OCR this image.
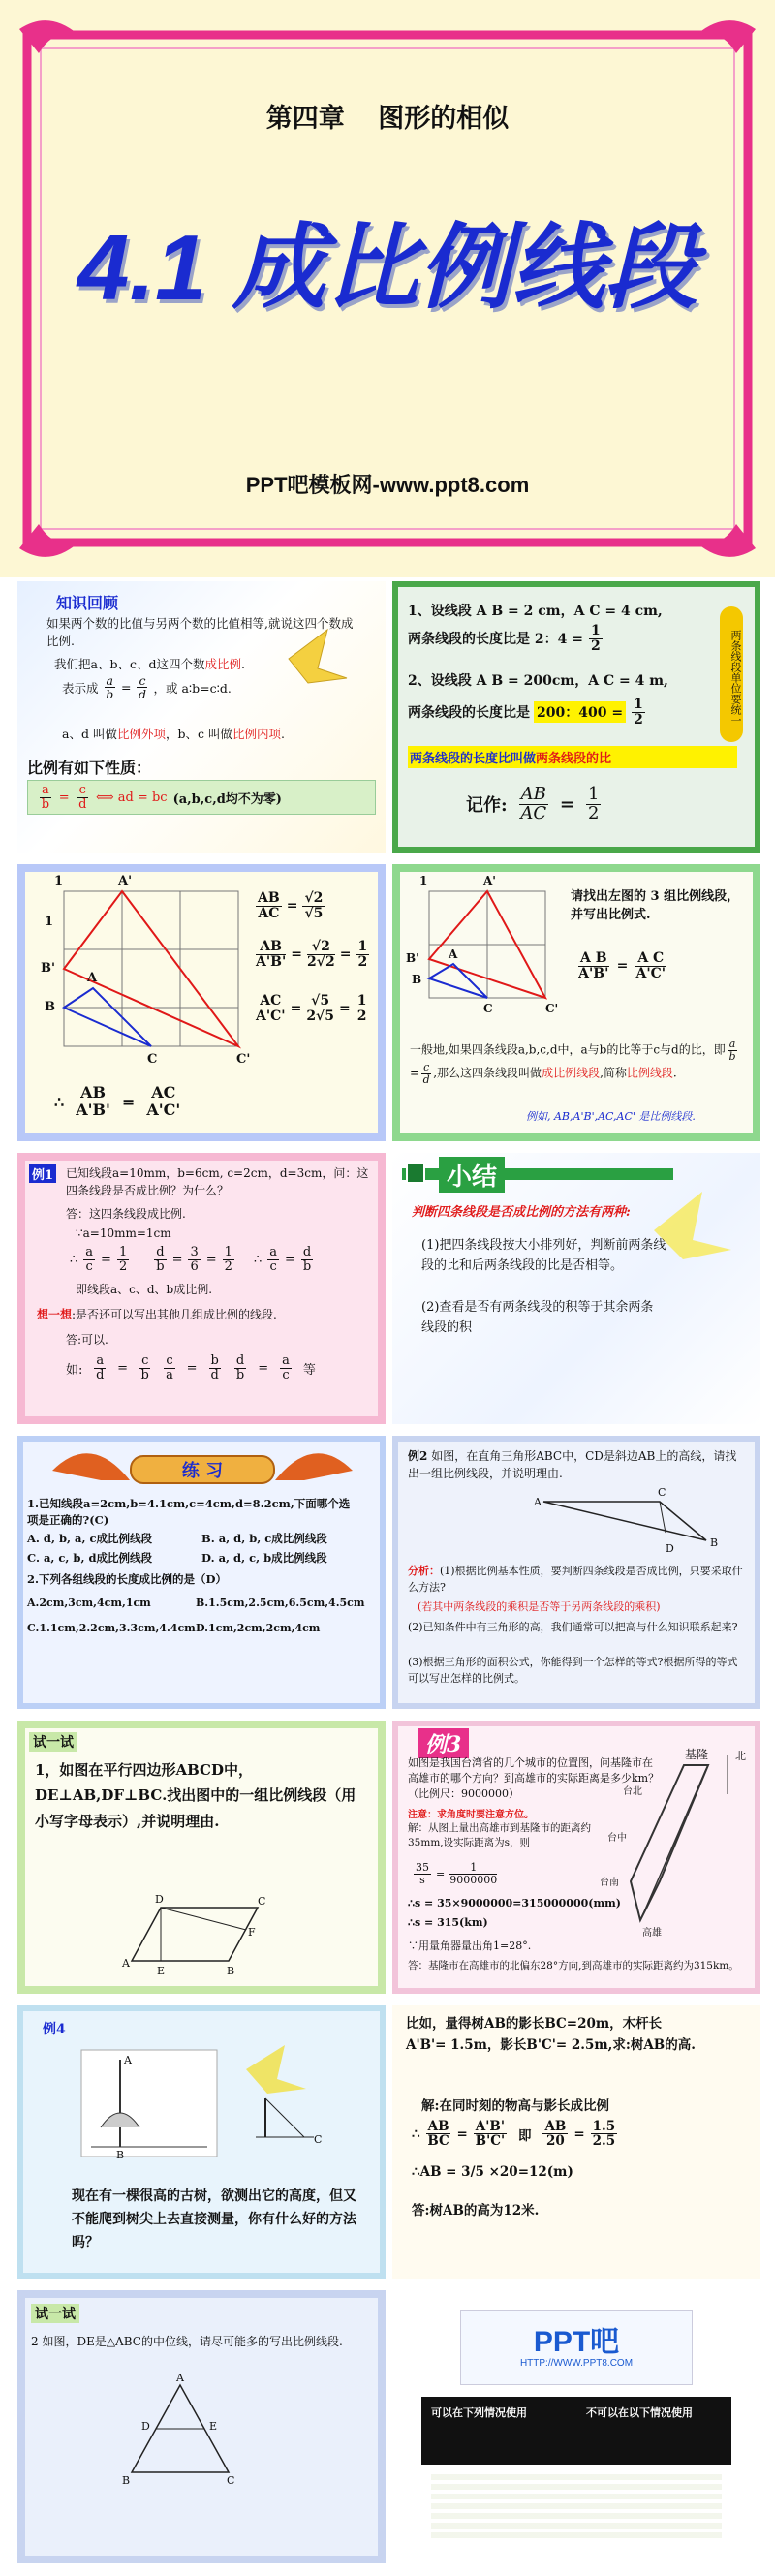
第四章　 图形的相似
4.1 成比例线段
PPT吧模板网-www.ppt8.com
知识回顾
如果两个数的比值与另两个数的比值相等,就说这四个数成比例.
我们把a、b、c、d这四个数成比例.
表示成 $\frac{a}{b} = \frac{c}{d}$ ，或 a∶b=c∶d.
a、d 叫做比例外项，b、c 叫做比例内项.
比例有如下性质：
$\frac{a}{b} = \frac{c}{d}$ ⟺ ad = bc (a,b,c,d均不为零)
1、设线段 A B = 2 cm，A C = 4 cm,
两条线段的长度比是 2：$4 = \frac{1}{2}$
2、设线段 A B = 200cm，A C = 4 m,
两条线段的长度比是 200：$400 = \frac{1}{2}$	两条线段单位要统一
两条线段的长度比叫做两条线段的比
记作: $\frac{AB}{AC} = \frac{1}{2}$
1	A'
1
A
B'
B
C	C'
$\frac{AB}{AC} = \frac{√2}{√5}$
$\frac{AB}{A'B'} = \frac{√2}{2√2} = \frac{1}{2}$
$\frac{AC}{A'C'} = \frac{√5}{2√5} = \frac{1}{2}$
∴ $\frac{AB}{A'B'} = \frac{AC}{A'C'}$
1	A'
A
B'
B
C	C'
请找出左图的 3 组比例线段，并写出比例式.
$\frac{\text{A B}}{A'B'} = \frac{\text{A C}}{A'C'}$
一般地,如果四条线段a,b,c,d中，a与b的比等于c与d的比，即 $\frac{a}{b}$
= $\frac{c}{d}$ ,那么这四条线段叫做成比例线段,简称比例线段.
例如, AB,A'B',AC,AC' 是比例线段.
例1 已知线段a=10mm，b=6cm, c=2cm，d=3cm，问：这四条线段是否成比例？为什么？
答：这四条线段成比例.
∵a=10mm=1cm
∴ $\frac{a}{c} = \frac{1}{2} \frac{d}{b} = \frac{3}{6} = \frac{1}{2}$ ∴ $\frac{a}{c} = \frac{d}{b}$
即线段a、c、d、b成比例.
想一想:是否还可以写出其他几组成比例的线段.
答:可以.
如: $\frac{a}{d} = \frac{c}{b} \frac{c}{a} = \frac{b}{d} \frac{d}{b} = \frac{a}{c}$ 等
小结
判断四条线段是否成比例的方法有两种:
(1)把四条线段按大小排列好，判断前两条线段的比和后两条线段的比是否相等。
(2)查看是否有两条线段的积等于其余两条线段的积
练 习
1.已知线段a=2cm,b=4.1cm,c=4cm,d=8.2cm,下面哪个选项是正确的?(C)
A. d, b, a, c成比例线段	B. a, d, b, c成比例线段
C. a, c, b, d成比例线段	D. a, d, c, b成比例线段
2.下列各组线段的长度成比例的是（D）
A.2cm,3cm,4cm,1cm	B.1.5cm,2.5cm,6.5cm,4.5cm
C.1.1cm,2.2cm,3.3cm,4.4cm D.1cm,2cm,2cm,4cm
例2 如图，在直角三角形ABC中，CD是斜边AB上的高线，请找出一组比例线段，并说明理由.
C
A
B
D
分析：(1)根据比例基本性质，要判断四条线段是否成比例，只要采取什么方法?
(若其中两条线段的乘积是否等于另两条线段的乘积)
(2)已知条件中有三角形的高，我们通常可以把高与什么知识联系起来?
(3)根据三角形的面积公式，你能得到一个怎样的等式?根据所得的等式可以写出怎样的比例式。
试一试
1，如图在平行四边形ABCD中，DE⊥AB,DF⊥BC.找出图中的一组比例线段（用小写字母表示）,并说明理由.
D	C
F
A
E	B
例3
如图是我国台湾省的几个城市的位置图，问基隆市在高雄市的哪个方向？到高雄市的实际距离是多少km？（比例尺：9000000）
注意：求角度时要注意方位。
解：从图上量出高雄市到基隆市的距离约35mm,设实际距离为s，则
$\frac{35}{s} = \frac{1}{9000000}$
∴s = 35×9000000=315000000(mm)
∴s = 315(km)
∵用量角器量出角1=28°.
答：基隆市在高雄市的北偏东28°方向,到高雄市的实际距离约为315km。
台北
基隆	北
台中
台南
高雄
例4
A
B
C
现在有一棵很高的古树，欲测出它的高度，但又不能爬到树尖上去直接测量，你有什么好的方法吗？
比如，量得树AB的影长BC=20m，木杆长A'B'= 1.5m，影长B'C'= 2.5m,求:树AB的高.
解:在同时刻的物高与影长成比例
∴ $\frac{AB}{BC} = \frac{A'B'}{B'C'}$ 即 $\frac{AB}{20} = \frac{1.5}{2.5}$
∴AB = 3/5 ×20=12(m)
答:树AB的高为12米.
试一试
2 如图，DE是△ABC的中位线，请尽可能多的写出比例线段.
A
D	E
B	C
PPT吧
HTTP://WWW.PPT8.COM
可以在下列情况使用	不可以在以下情况使用
